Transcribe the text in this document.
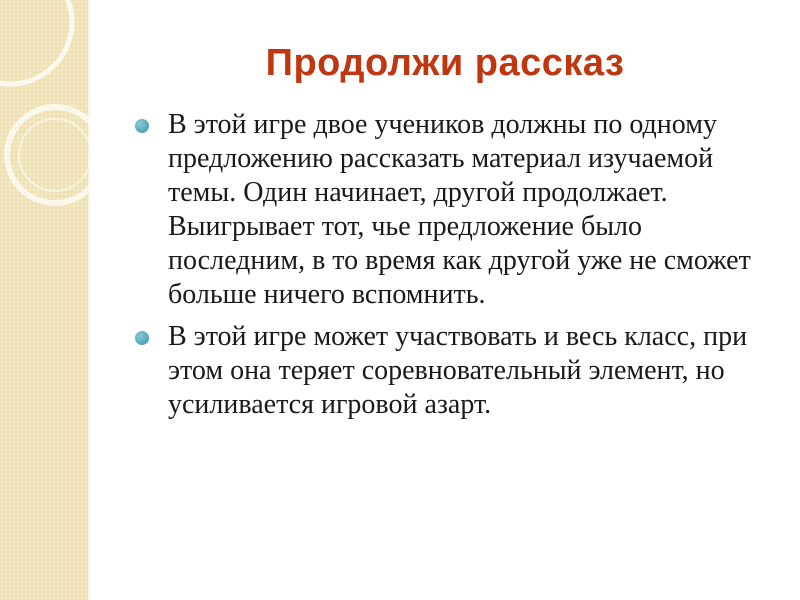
Продолжи рассказ
В этой игре двое учеников должны по одному предложению рассказать материал изучаемой темы. Один начинает, другой продолжает. Выигрывает тот, чье предложение было последним, в то время как другой уже не сможет больше ничего вспомнить.
В этой игре может участвовать и весь класс, при этом она теряет соревновательный элемент, но усиливается игровой азарт.
